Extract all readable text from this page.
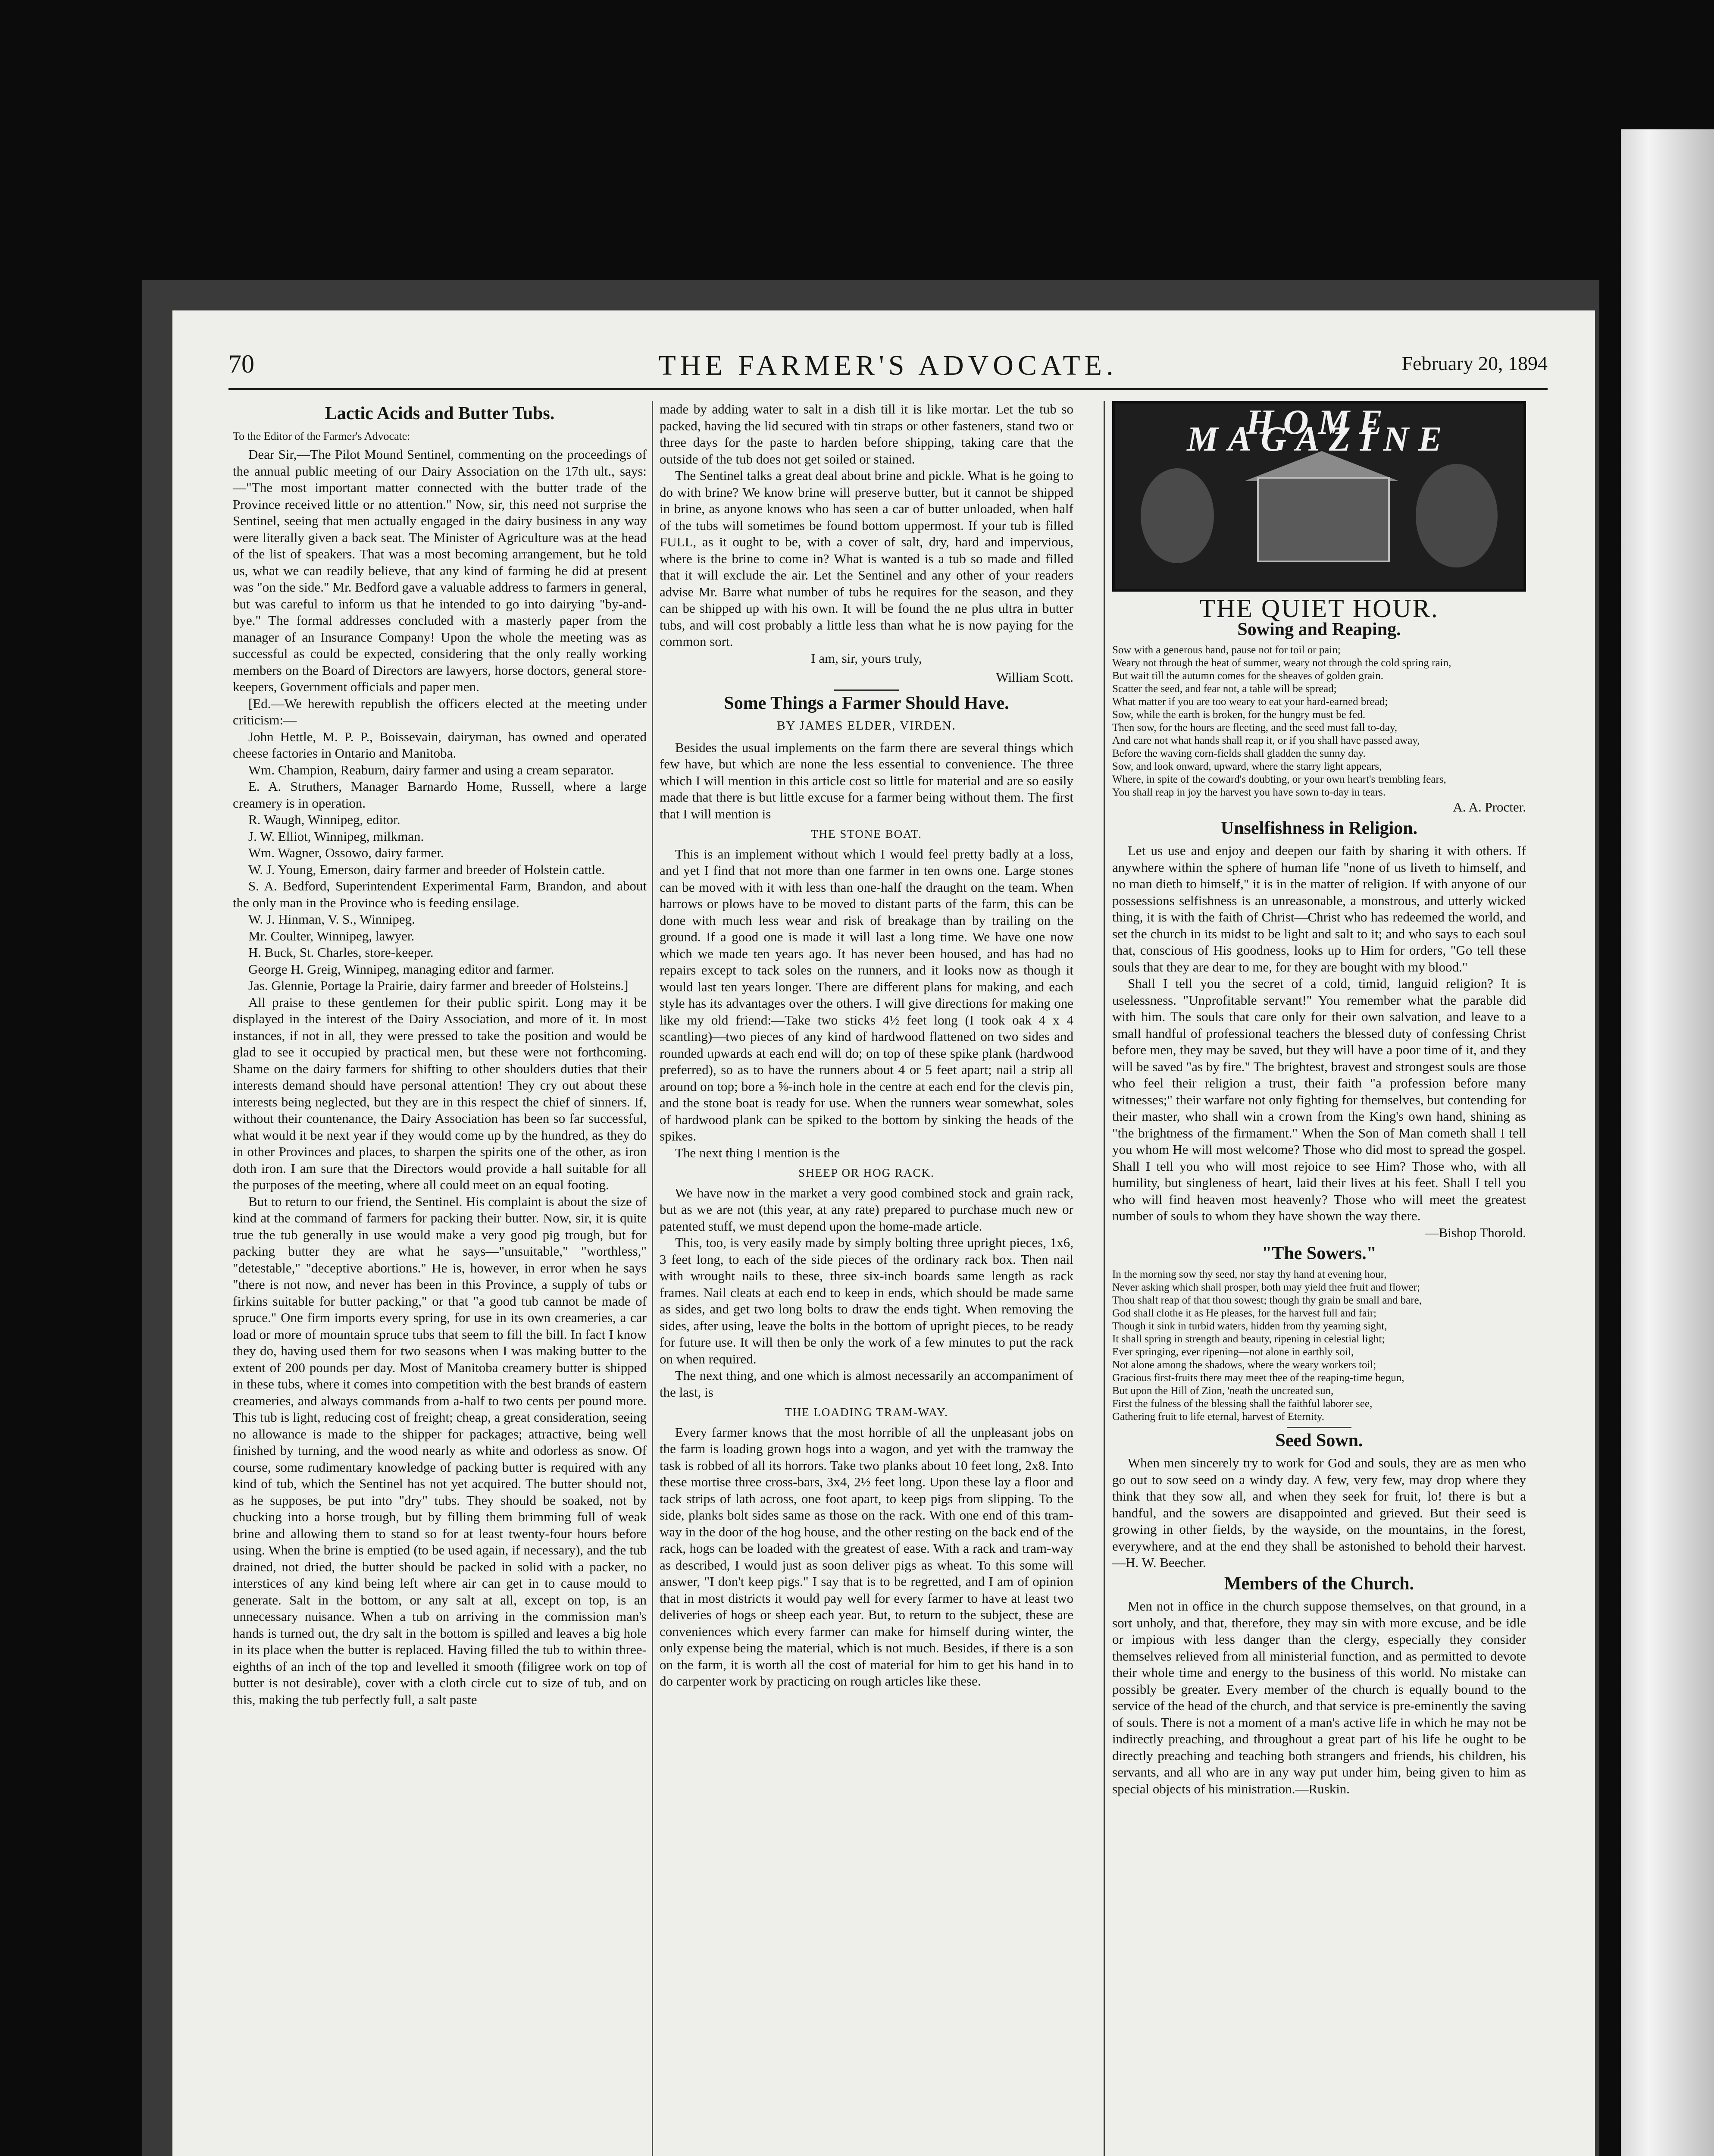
70	THE FARMER'S ADVOCATE.	February 20, 1894
Lactic Acids and Butter Tubs.

To the Editor of the Farmer's Advocate:

Dear Sir,—The Pilot Mound Sentinel, commenting on the proceedings of the annual public meeting of our Dairy Association on the 17th ult., says:—"The most important matter connected with the butter trade of the Province received little or no attention." Now, sir, this need not surprise the Sentinel, seeing that men actually engaged in the dairy business in any way were literally given a back seat. The Minister of Agriculture was at the head of the list of speakers. That was a most becoming arrangement, but he told us, what we can readily believe, that any kind of farming he did at present was "on the side." Mr. Bedford gave a valuable address to farmers in general, but was careful to inform us that he intended to go into dairying "by-and-bye." The formal addresses concluded with a masterly paper from the manager of an Insurance Company! Upon the whole the meeting was as successful as could be expected, considering that the only really working members on the Board of Directors are lawyers, horse doctors, general store-keepers, Government officials and paper men.

[Ed.—We herewith republish the officers elected at the meeting under criticism:—

John Hettle, M. P. P., Boissevain, dairyman, has owned and operated cheese factories in Ontario and Manitoba.

Wm. Champion, Reaburn, dairy farmer and using a cream separator.

E. A. Struthers, Manager Barnardo Home, Russell, where a large creamery is in operation.

R. Waugh, Winnipeg, editor.

J. W. Elliot, Winnipeg, milkman.

Wm. Wagner, Ossowo, dairy farmer.

W. J. Young, Emerson, dairy farmer and breeder of Holstein cattle.

S. A. Bedford, Superintendent Experimental Farm, Brandon, and about the only man in the Province who is feeding ensilage.

W. J. Hinman, V. S., Winnipeg.

Mr. Coulter, Winnipeg, lawyer.

H. Buck, St. Charles, store-keeper.

George H. Greig, Winnipeg, managing editor and farmer.

Jas. Glennie, Portage la Prairie, dairy farmer and breeder of Holsteins.]

All praise to these gentlemen for their public spirit. Long may it be displayed in the interest of the Dairy Association, and more of it. In most instances, if not in all, they were pressed to take the position and would be glad to see it occupied by practical men, but these were not forthcoming. Shame on the dairy farmers for shifting to other shoulders duties that their interests demand should have personal attention! They cry out about these interests being neglected, but they are in this respect the chief of sinners. If, without their countenance, the Dairy Association has been so far successful, what would it be next year if they would come up by the hundred, as they do in other Provinces and places, to sharpen the spirits one of the other, as iron doth iron. I am sure that the Directors would provide a hall suitable for all the purposes of the meeting, where all could meet on an equal footing.

But to return to our friend, the Sentinel. His complaint is about the size of kind at the command of farmers for packing their butter. Now, sir, it is quite true the tub generally in use would make a very good pig trough, but for packing butter they are what he says—"unsuitable," "worthless," "detestable," "deceptive abortions." He is, however, in error when he says "there is not now, and never has been in this Province, a supply of tubs or firkins suitable for butter packing," or that "a good tub cannot be made of spruce." One firm imports every spring, for use in its own creameries, a car load or more of mountain spruce tubs that seem to fill the bill. In fact I know they do, having used them for two seasons when I was making butter to the extent of 200 pounds per day. Most of Manitoba creamery butter is shipped in these tubs, where it comes into competition with the best brands of eastern creameries, and always commands from a-half to two cents per pound more. This tub is light, reducing cost of freight; cheap, a great consideration, seeing no allowance is made to the shipper for packages; attractive, being well finished by turning, and the wood nearly as white and odorless as snow. Of course, some rudimentary knowledge of packing butter is required with any kind of tub, which the Sentinel has not yet acquired. The butter should not, as he supposes, be put into "dry" tubs. They should be soaked, not by chucking into a horse trough, but by filling them brimming full of weak brine and allowing them to stand so for at least twenty-four hours before using. When the brine is emptied (to be used again, if necessary), and the tub drained, not dried, the butter should be packed in solid with a packer, no interstices of any kind being left where air can get in to cause mould to generate. Salt in the bottom, or any salt at all, except on top, is an unnecessary nuisance. When a tub on arriving in the commission man's hands is turned out, the dry salt in the bottom is spilled and leaves a big hole in its place when the butter is replaced. Having filled the tub to within three-eighths of an inch of the top and levelled it smooth (filigree work on top of butter is not desirable), cover with a cloth circle cut to size of tub, and on this, making the tub perfectly full, a salt paste

made by adding water to salt in a dish till it is like mortar. Let the tub so packed, having the lid secured with tin straps or other fasteners, stand two or three days for the paste to harden before shipping, taking care that the outside of the tub does not get soiled or stained.

The Sentinel talks a great deal about brine and pickle. What is he going to do with brine? We know brine will preserve butter, but it cannot be shipped in brine, as anyone knows who has seen a car of butter unloaded, when half of the tubs will sometimes be found bottom uppermost. If your tub is filled FULL, as it ought to be, with a cover of salt, dry, hard and impervious, where is the brine to come in? What is wanted is a tub so made and filled that it will exclude the air. Let the Sentinel and any other of your readers advise Mr. Barre what number of tubs he requires for the season, and they can be shipped up with his own. It will be found the ne plus ultra in butter tubs, and will cost probably a little less than what he is now paying for the common sort.

I am, sir, yours truly,

William Scott.

Some Things a Farmer Should Have.

BY JAMES ELDER, VIRDEN.

Besides the usual implements on the farm there are several things which few have, but which are none the less essential to convenience. The three which I will mention in this article cost so little for material and are so easily made that there is but little excuse for a farmer being without them. The first that I will mention is

THE STONE BOAT.

This is an implement without which I would feel pretty badly at a loss, and yet I find that not more than one farmer in ten owns one. Large stones can be moved with it with less than one-half the draught on the team. When harrows or plows have to be moved to distant parts of the farm, this can be done with much less wear and risk of breakage than by trailing on the ground. If a good one is made it will last a long time. We have one now which we made ten years ago. It has never been housed, and has had no repairs except to tack soles on the runners, and it looks now as though it would last ten years longer. There are different plans for making, and each style has its advantages over the others. I will give directions for making one like my old friend:—Take two sticks 4½ feet long (I took oak 4 x 4 scantling)—two pieces of any kind of hardwood flattened on two sides and rounded upwards at each end will do; on top of these spike plank (hardwood preferred), so as to have the runners about 4 or 5 feet apart; nail a strip all around on top; bore a ⅝-inch hole in the centre at each end for the clevis pin, and the stone boat is ready for use. When the runners wear somewhat, soles of hardwood plank can be spiked to the bottom by sinking the heads of the spikes.

The next thing I mention is the

SHEEP OR HOG RACK.

We have now in the market a very good combined stock and grain rack, but as we are not (this year, at any rate) prepared to purchase much new or patented stuff, we must depend upon the home-made article.

This, too, is very easily made by simply bolting three upright pieces, 1x6, 3 feet long, to each of the side pieces of the ordinary rack box. Then nail with wrought nails to these, three six-inch boards same length as rack frames. Nail cleats at each end to keep in ends, which should be made same as sides, and get two long bolts to draw the ends tight. When removing the sides, after using, leave the bolts in the bottom of upright pieces, to be ready for future use. It will then be only the work of a few minutes to put the rack on when required.

The next thing, and one which is almost necessarily an accompaniment of the last, is

THE LOADING TRAM-WAY.

Every farmer knows that the most horrible of all the unpleasant jobs on the farm is loading grown hogs into a wagon, and yet with the tramway the task is robbed of all its horrors. Take two planks about 10 feet long, 2x8. Into these mortise three cross-bars, 3x4, 2½ feet long. Upon these lay a floor and tack strips of lath across, one foot apart, to keep pigs from slipping. To the side, planks bolt sides same as those on the rack. With one end of this tram-way in the door of the hog house, and the other resting on the back end of the rack, hogs can be loaded with the greatest of ease. With a rack and tram-way as described, I would just as soon deliver pigs as wheat. To this some will answer, "I don't keep pigs." I say that is to be regretted, and I am of opinion that in most districts it would pay well for every farmer to have at least two deliveries of hogs or sheep each year. But, to return to the subject, these are conveniences which every farmer can make for himself during winter, the only expense being the material, which is not much. Besides, if there is a son on the farm, it is worth all the cost of material for him to get his hand in to do carpenter work by practicing on rough articles like these.

HOME MAGAZINE
THE QUIET HOUR.
Sowing and Reaping.

Sow with a generous hand, pause not for toil or pain;

Weary not through the heat of summer, weary not through the cold spring rain,

But wait till the autumn comes for the sheaves of golden grain.

Scatter the seed, and fear not, a table will be spread;

What matter if you are too weary to eat your hard-earned bread;

Sow, while the earth is broken, for the hungry must be fed.

Then sow, for the hours are fleeting, and the seed must fall to-day,

And care not what hands shall reap it, or if you shall have passed away,

Before the waving corn-fields shall gladden the sunny day.

Sow, and look onward, upward, where the starry light appears,

Where, in spite of the coward's doubting, or your own heart's trembling fears,

You shall reap in joy the harvest you have sown to-day in tears.

A. A. Procter.

Unselfishness in Religion.

Let us use and enjoy and deepen our faith by sharing it with others. If anywhere within the sphere of human life "none of us liveth to himself, and no man dieth to himself," it is in the matter of religion. If with anyone of our possessions selfishness is an unreasonable, a monstrous, and utterly wicked thing, it is with the faith of Christ—Christ who has redeemed the world, and set the church in its midst to be light and salt to it; and who says to each soul that, conscious of His goodness, looks up to Him for orders, "Go tell these souls that they are dear to me, for they are bought with my blood."

Shall I tell you the secret of a cold, timid, languid religion? It is uselessness. "Unprofitable servant!" You remember what the parable did with him. The souls that care only for their own salvation, and leave to a small handful of professional teachers the blessed duty of confessing Christ before men, they may be saved, but they will have a poor time of it, and they will be saved "as by fire." The brightest, bravest and strongest souls are those who feel their religion a trust, their faith "a profession before many witnesses;" their warfare not only fighting for themselves, but contending for their master, who shall win a crown from the King's own hand, shining as "the brightness of the firmament." When the Son of Man cometh shall I tell you whom He will most welcome? Those who did most to spread the gospel. Shall I tell you who will most rejoice to see Him? Those who, with all humility, but singleness of heart, laid their lives at his feet. Shall I tell you who will find heaven most heavenly? Those who will meet the greatest number of souls to whom they have shown the way there.

—Bishop Thorold.

"The Sowers."

In the morning sow thy seed, nor stay thy hand at evening hour,

Never asking which shall prosper, both may yield thee fruit and flower;

Thou shalt reap of that thou sowest; though thy grain be small and bare,

God shall clothe it as He pleases, for the harvest full and fair;

Though it sink in turbid waters, hidden from thy yearning sight,

It shall spring in strength and beauty, ripening in celestial light;

Ever springing, ever ripening—not alone in earthly soil,

Not alone among the shadows, where the weary workers toil;

Gracious first-fruits there may meet thee of the reaping-time begun,

But upon the Hill of Zion, 'neath the uncreated sun,

First the fulness of the blessing shall the faithful laborer see,

Gathering fruit to life eternal, harvest of Eternity.

Seed Sown.

When men sincerely try to work for God and souls, they are as men who go out to sow seed on a windy day. A few, very few, may drop where they think that they sow all, and when they seek for fruit, lo! there is but a handful, and the sowers are disappointed and grieved. But their seed is growing in other fields, by the wayside, on the mountains, in the forest, everywhere, and at the end they shall be astonished to behold their harvest.—H. W. Beecher.

Members of the Church.

Men not in office in the church suppose themselves, on that ground, in a sort unholy, and that, therefore, they may sin with more excuse, and be idle or impious with less danger than the clergy, especially they consider themselves relieved from all ministerial function, and as permitted to devote their whole time and energy to the business of this world. No mistake can possibly be greater. Every member of the church is equally bound to the service of the head of the church, and that service is pre-eminently the saving of souls. There is not a moment of a man's active life in which he may not be indirectly preaching, and throughout a great part of his life he ought to be directly preaching and teaching both strangers and friends, his children, his servants, and all who are in any way put under him, being given to him as special objects of his ministration.—Ruskin.
